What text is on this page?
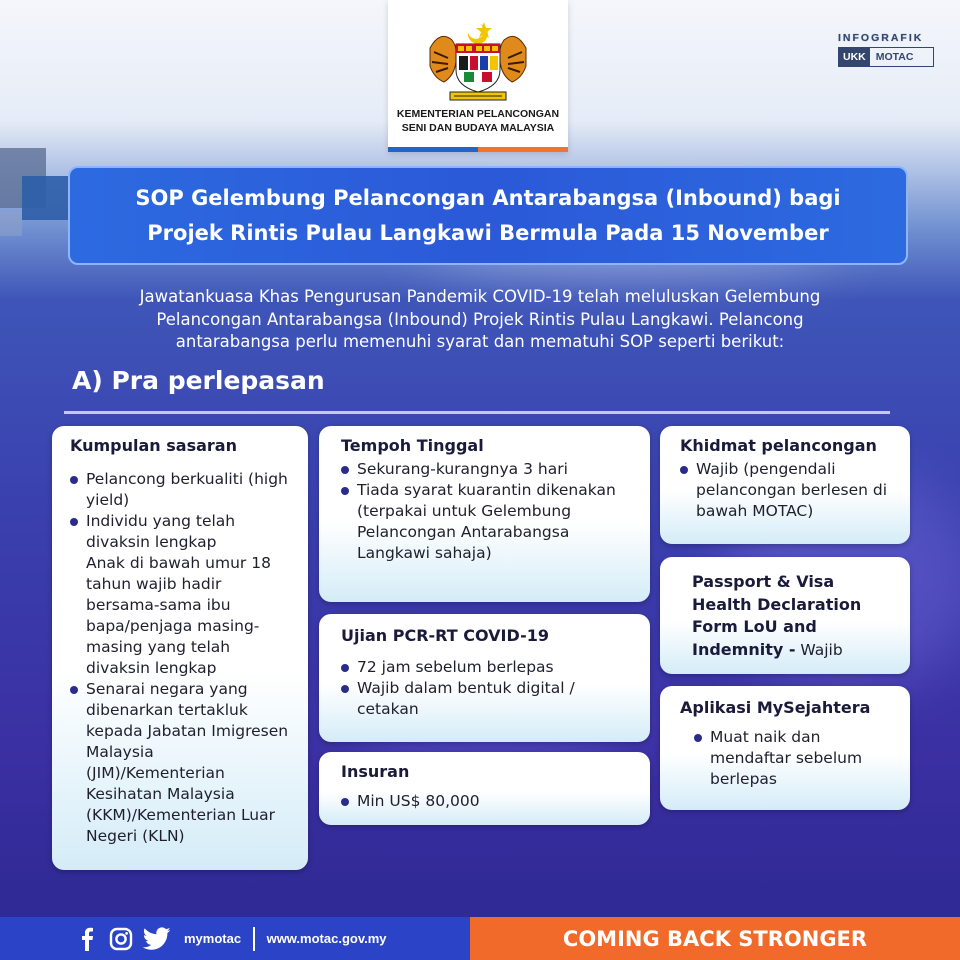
KEMENTERIAN PELANCONGAN
SENI DAN BUDAYA MALAYSIA
INFOGRAFIK
UKK MOTAC
SOP Gelembung Pelancongan Antarabangsa (Inbound) bagi
Projek Rintis Pulau Langkawi Bermula Pada 15 November
Jawatankuasa Khas Pengurusan Pandemik COVID-19 telah meluluskan Gelembung
Pelancongan Antarabangsa (Inbound) Projek Rintis Pulau Langkawi. Pelancong
antarabangsa perlu memenuhi syarat dan mematuhi SOP seperti berikut:
A) Pra perlepasan
Kumpulan sasaran
Pelancong berkualiti (high yield)
Individu yang telah divaksin lengkap
Anak di bawah umur 18 tahun wajib hadir bersama-sama ibu bapa/penjaga masing-masing yang telah divaksin lengkap
Senarai negara yang dibenarkan tertakluk kepada Jabatan Imigresen Malaysia (JIM)/Kementerian Kesihatan Malaysia (KKM)/Kementerian Luar Negeri (KLN)
Tempoh Tinggal
Sekurang-kurangnya 3 hari
Tiada syarat kuarantin dikenakan (terpakai untuk Gelembung Pelancongan Antarabangsa Langkawi sahaja)
Ujian PCR-RT COVID-19
72 jam sebelum berlepas
Wajib dalam bentuk digital / cetakan
Insuran
Min US$ 80,000
Khidmat pelancongan
Wajib (pengendali pelancongan berlesen di bawah MOTAC)
Passport & Visa
Health Declaration
Form LoU and
Indemnity - Wajib
Aplikasi MySejahtera
Muat naik dan mendaftar sebelum berlepas
mymotac www.motac.gov.my	COMING BACK STRONGER
